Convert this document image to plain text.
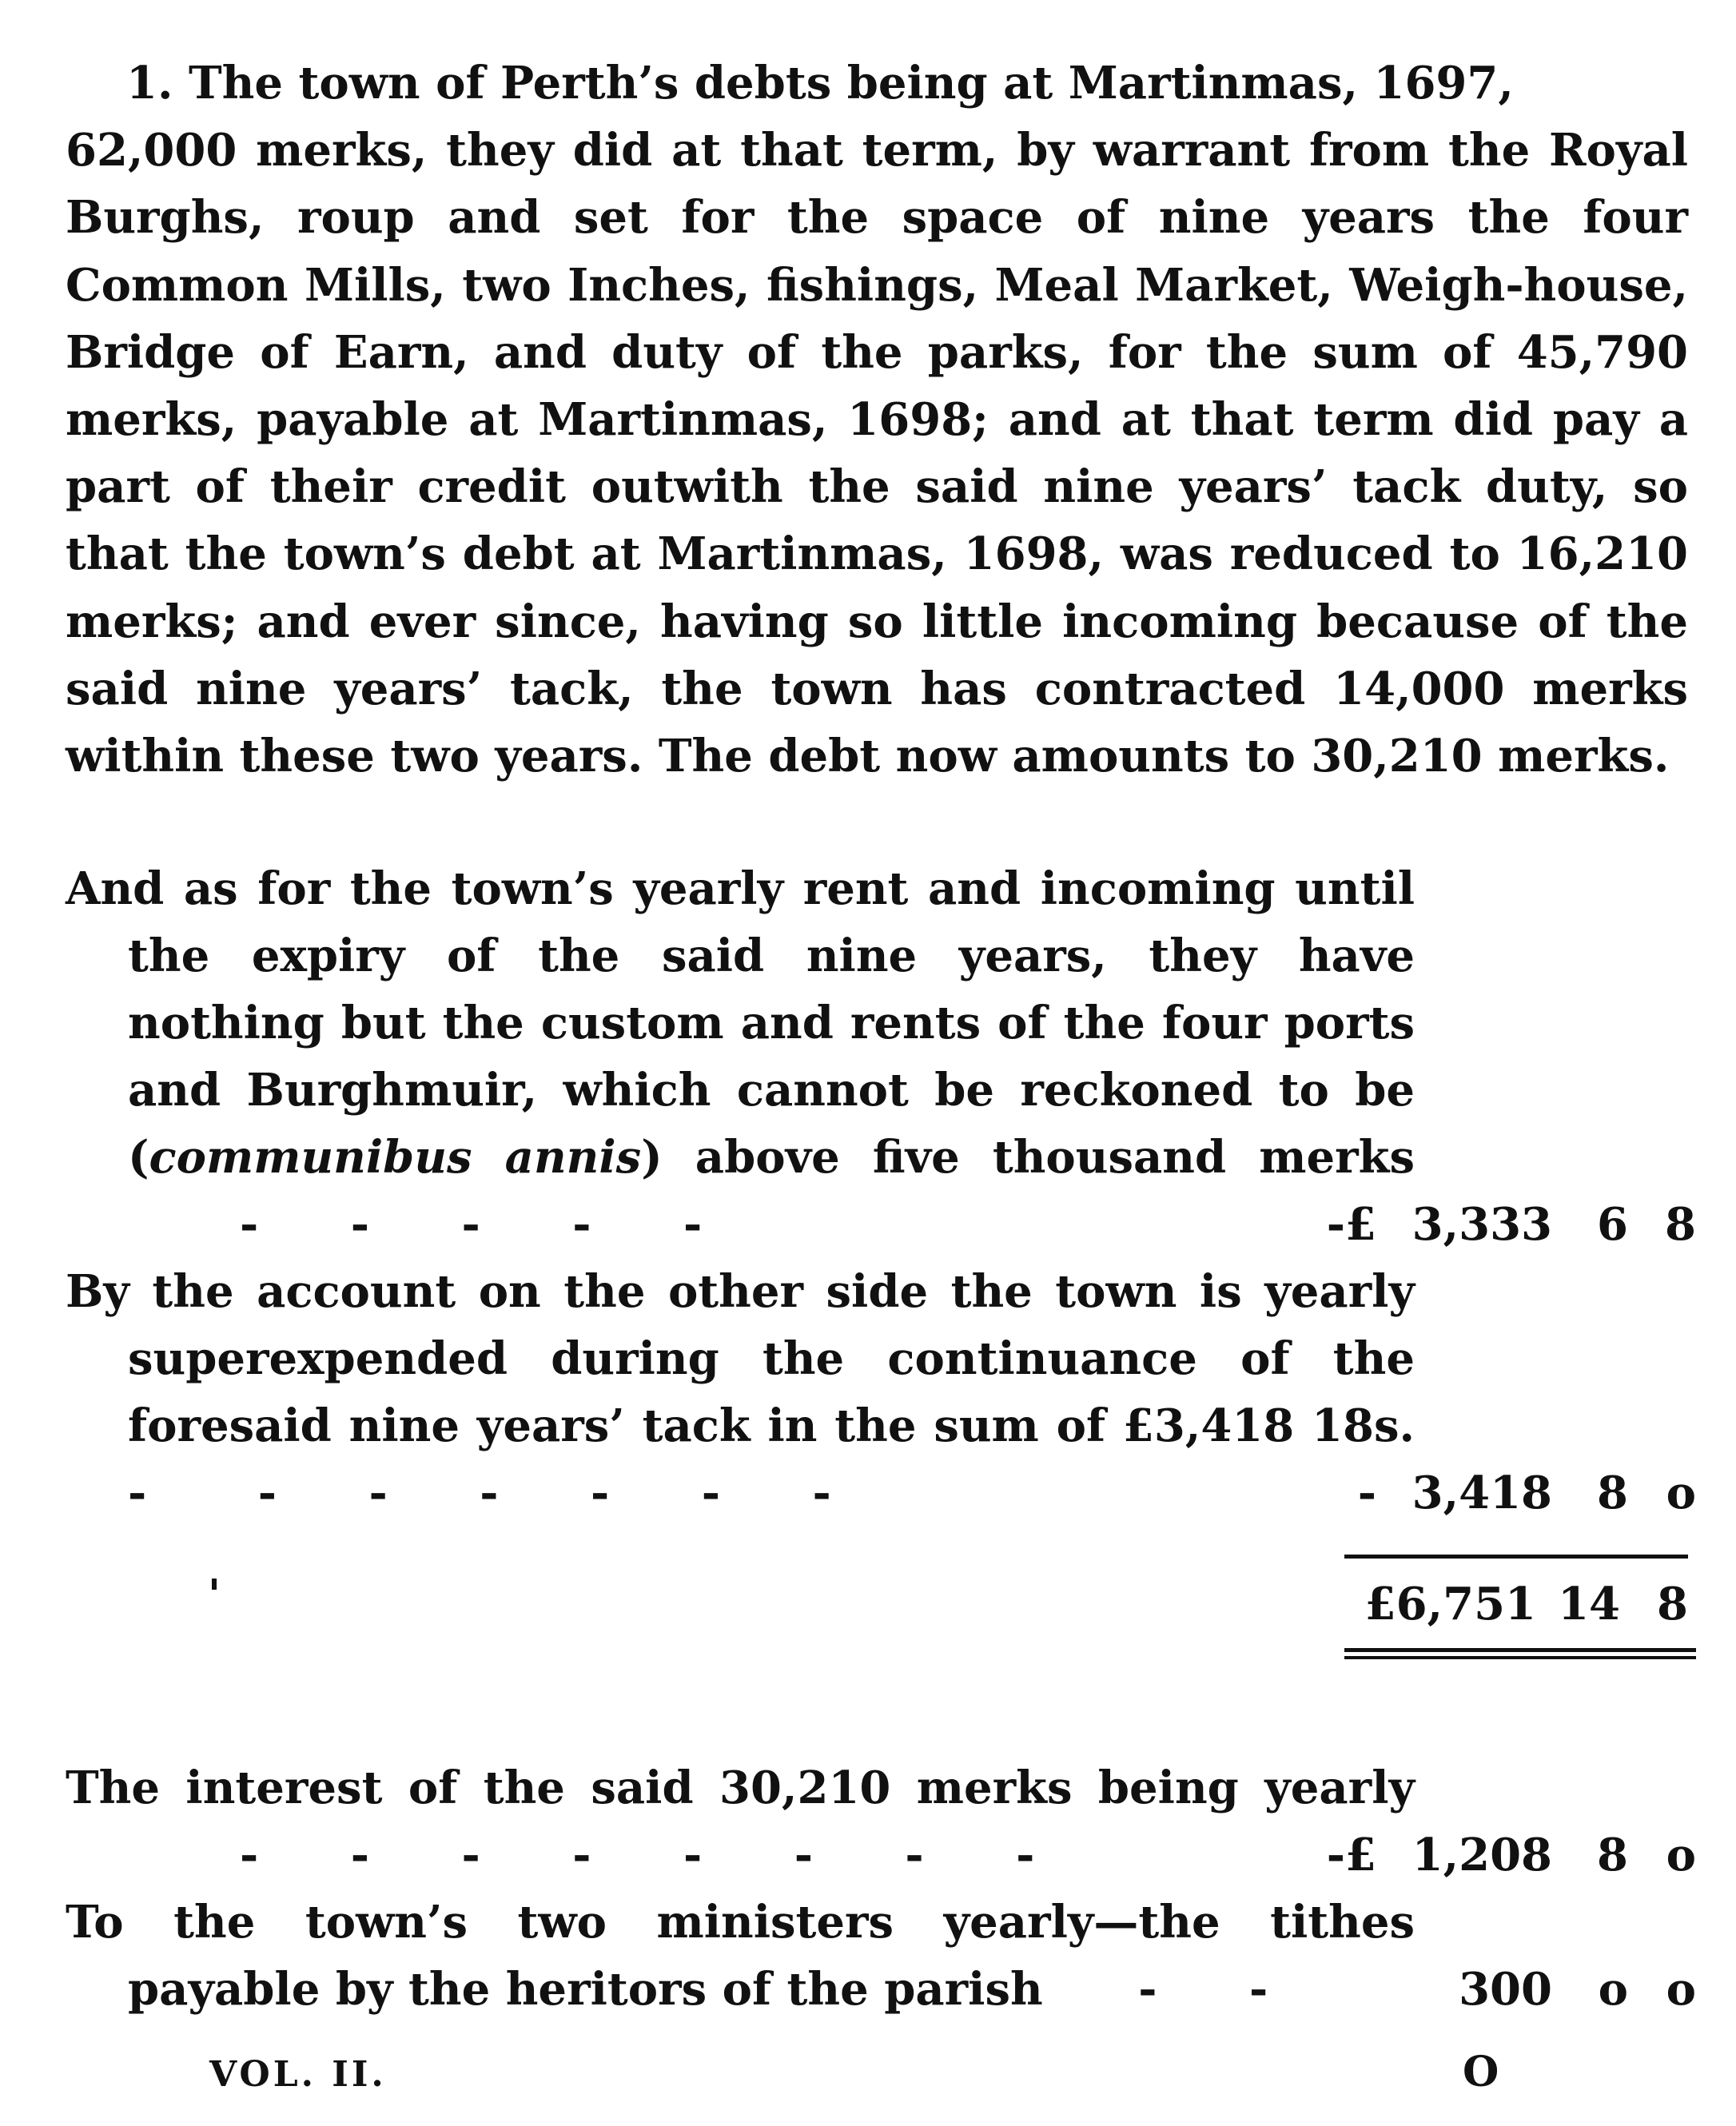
1. The town of Perth’s debts being at Martinmas, 1697, 62,000 merks, they did at that term, by warrant from the Royal Burghs, roup and set for the space of nine years the four Common Mills, two Inches, fishings, Meal Market, Weigh-house, Bridge of Earn, and duty of the parks, for the sum of 45,790 merks, payable at Martinmas, 1698; and at that term did pay a part of their credit outwith the said nine years’ tack duty, so that the town’s debt at Martinmas, 1698, was reduced to 16,210 merks; and ever since, having so little incoming because of the said nine years’ tack, the town has contracted 14,000 merks within these two years. The debt now amounts to 30,210 merks.
And as for the town’s yearly rent and incoming until the expiry of the said nine years, they have nothing but the custom and rents of the four ports and Burghmuir, which cannot be reckoned to be (communibus annis) above five thousand merks - - - - -	-£ 3,333	6 8
By the account on the other side the town is yearly superexpended during the continuance of the foresaid nine years’ tack in the sum of £3,418 18s. - - - - - - -	- 3,418	8 o
£6,751 14 8
The interest of the said 30,210 merks being yearly - - - - - - - -	-£ 1,208	8 o
To the town’s two ministers yearly—the tithes payable by the heritors of the parish - -	300	o o
VOL. II.	O
